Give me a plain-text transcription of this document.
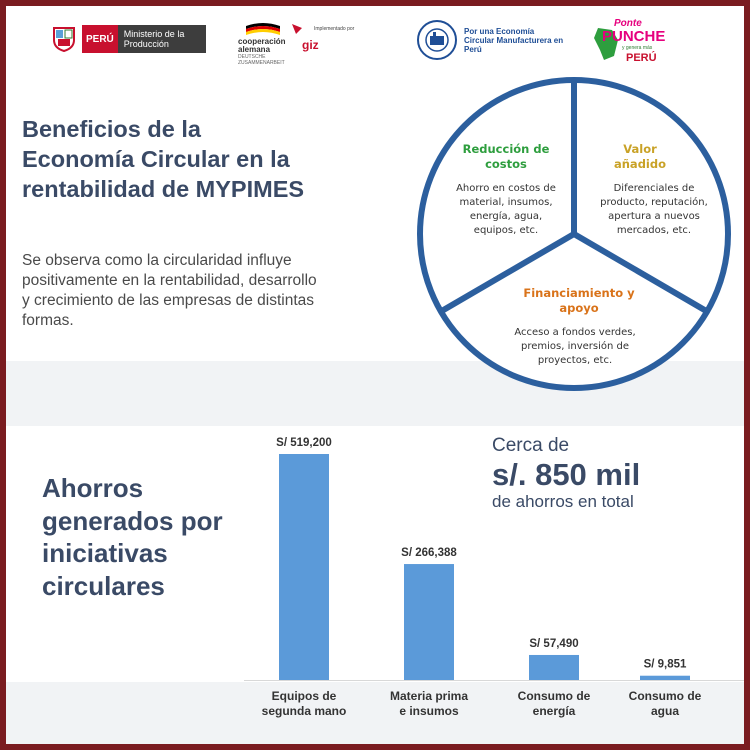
PERÚ	Ministerio de la Producción	cooperación
alemana
DEUTSCHE ZUSAMMENARBEIT
Implementado por
giz
Por una Economía Circular Manufacturera en Perú
Ponte
PUNCHE
y genera más
PERÚ
Beneficios de la Economía Circular en la rentabilidad de MYPIMES

Se observa como la circularidad influye positivamente en la rentabilidad, desarrollo y crecimiento de las empresas de distintas formas.

Reducción de costos
Ahorro en costos de material, insumos, energía, agua, equipos, etc.
Valor añadido
Diferenciales de producto, reputación, apertura a nuevos mercados, etc.
Financiamiento y apoyo
Acceso a fondos verdes, premios, inversión de proyectos, etc.
Ahorros generados por iniciativas circulares
Cerca de
s/. 850 mil
de ahorros en total
S/ 519,200
Equipos de segunda mano
S/ 266,388
Materia prima e insumos
S/ 57,490
Consumo de energía
S/ 9,851
Consumo de agua
